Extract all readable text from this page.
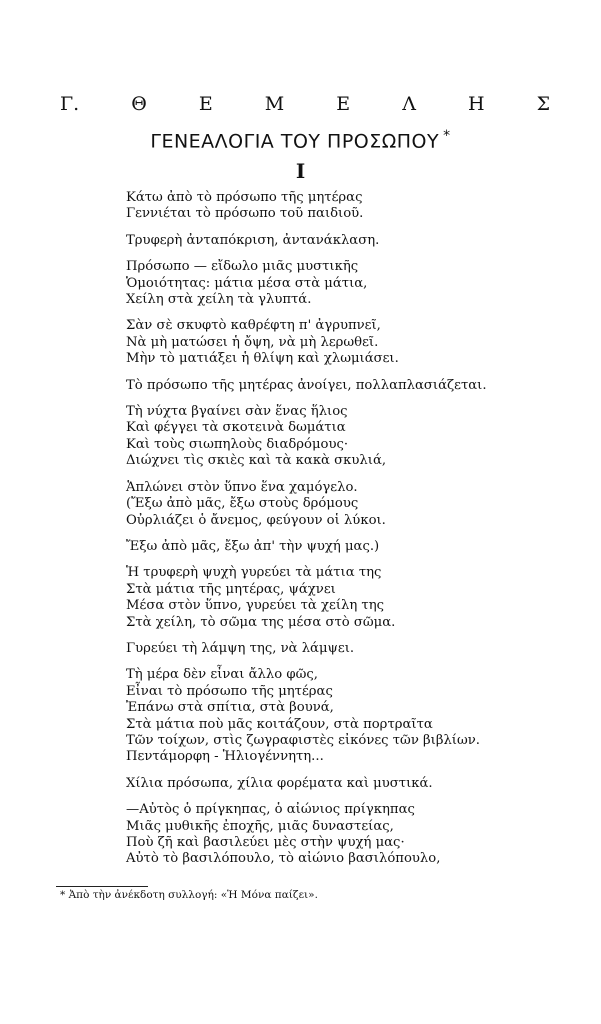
Γ.	Θ	Ε	Μ	Ε	Λ	Η	Σ
ΓΕΝΕΑΛΟΓΙΑ ΤΟΥ ΠΡΟΣΩΠΟΥ *
I
Κάτω ἀπὸ τὸ πρόσωπο τῆς μητέρας
Γεννιέται τὸ πρόσωπο τοῦ παιδιοῦ.
Τρυφερὴ ἀνταπόκριση, ἀντανάκλαση.
Πρόσωπο — εἴδωλο μιᾶς μυστικῆς
Ὁμοιότητας: μάτια μέσα στὰ μάτια,
Χείλη στὰ χείλη τὰ γλυπτά.
Σὰν σὲ σκυφτὸ καθρέφτη π' ἀγρυπνεῖ,
Νὰ μὴ ματώσει ἡ ὄψη, νὰ μὴ λερωθεῖ.
Μὴν τὸ ματιάξει ἡ θλίψη καὶ χλωμιάσει.
Τὸ πρόσωπο τῆς μητέρας ἀνοίγει, πολλαπλασιάζεται.
Τὴ νύχτα βγαίνει σὰν ἕνας ἥλιος
Καὶ φέγγει τὰ σκοτεινὰ δωμάτια
Καὶ τοὺς σιωπηλοὺς διαδρόμους·
Διώχνει τὶς σκιὲς καὶ τὰ κακὰ σκυλιά,
Ἁπλώνει στὸν ὕπνο ἕνα χαμόγελο.
(Ἔξω ἀπὸ μᾶς, ἔξω στοὺς δρόμους
Οὐρλιάζει ὁ ἄνεμος, φεύγουν οἱ λύκοι.
Ἔξω ἀπὸ μᾶς, ἔξω ἀπ' τὴν ψυχή μας.)
Ἡ τρυφερὴ ψυχὴ γυρεύει τὰ μάτια της
Στὰ μάτια τῆς μητέρας, ψάχνει
Μέσα στὸν ὕπνο, γυρεύει τὰ χείλη της
Στὰ χείλη, τὸ σῶμα της μέσα στὸ σῶμα.
Γυρεύει τὴ λάμψη της, νὰ λάμψει.
Τὴ μέρα δὲν εἶναι ἄλλο φῶς,
Εἶναι τὸ πρόσωπο τῆς μητέρας
Ἐπάνω στὰ σπίτια, στὰ βουνά,
Στὰ μάτια ποὺ μᾶς κοιτάζουν, στὰ πορτραῖτα
Τῶν τοίχων, στὶς ζωγραφιστὲς εἰκόνες τῶν βιβλίων.
Πεντάμορφη - Ἡλιογέννητη...
Χίλια πρόσωπα, χίλια φορέματα καὶ μυστικά.
—Αὐτὸς ὁ πρίγκηπας, ὁ αἰώνιος πρίγκηπας
Μιᾶς μυθικῆς ἐποχῆς, μιᾶς δυναστείας,
Ποὺ ζῆ καὶ βασιλεύει μὲς στὴν ψυχή μας·
Αὐτὸ τὸ βασιλόπουλο, τὸ αἰώνιο βασιλόπουλο,
* Ἀπὸ τὴν ἀνέκδοτη συλλογή: «Ἡ Μόνα παίζει».
